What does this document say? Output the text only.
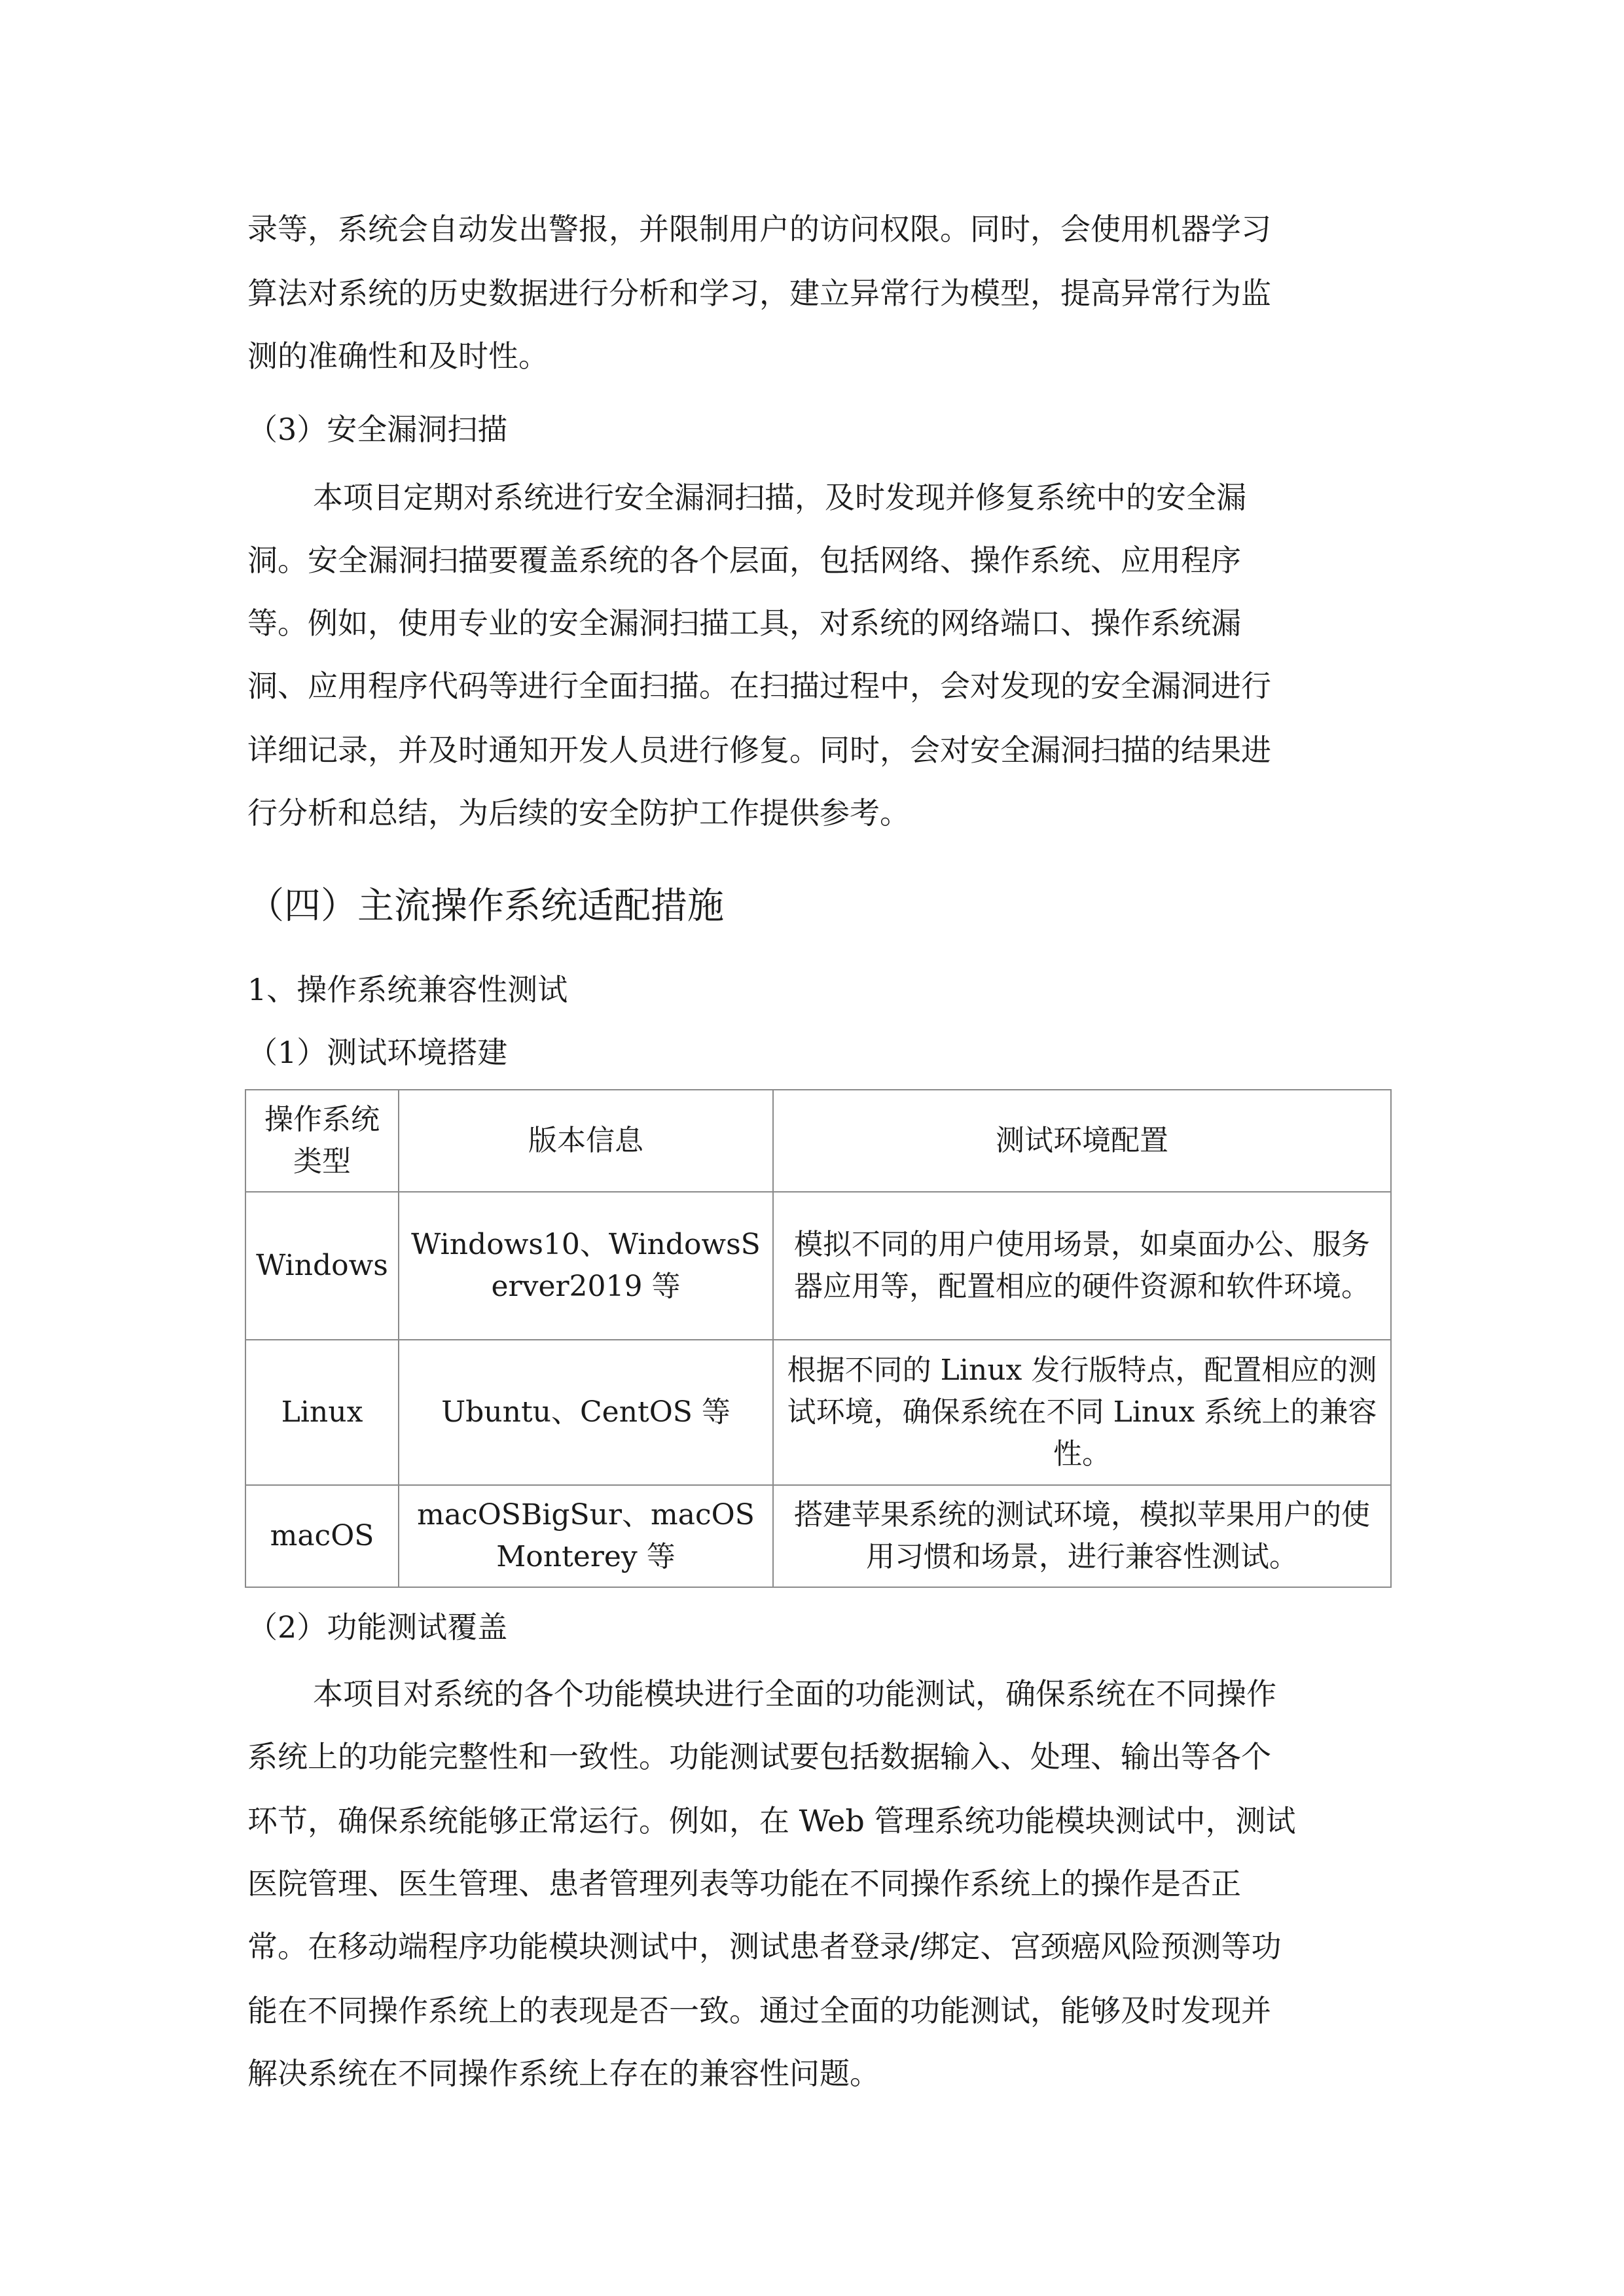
录等，系统会自动发出警报，并限制用户的访问权限。同时，会使用机器学习
算法对系统的历史数据进行分析和学习，建立异常行为模型，提高异常行为监
测的准确性和及时性。
（3）安全漏洞扫描
本项目定期对系统进行安全漏洞扫描，及时发现并修复系统中的安全漏
洞。安全漏洞扫描要覆盖系统的各个层面，包括网络、操作系统、应用程序
等。例如，使用专业的安全漏洞扫描工具，对系统的网络端口、操作系统漏
洞、应用程序代码等进行全面扫描。在扫描过程中，会对发现的安全漏洞进行
详细记录，并及时通知开发人员进行修复。同时，会对安全漏洞扫描的结果进
行分析和总结，为后续的安全防护工作提供参考。
（四）主流操作系统适配措施
1、操作系统兼容性测试
（1）测试环境搭建
操作系统类型	版本信息	测试环境配置
Windows	Windows10、WindowsServer2019 等	模拟不同的用户使用场景，如桌面办公、服务器应用等，配置相应的硬件资源和软件环境。
Linux	Ubuntu、CentOS 等	根据不同的 Linux 发行版特点，配置相应的测试环境，确保系统在不同 Linux 系统上的兼容性。
macOS	macOSBigSur、macOSMonterey 等	搭建苹果系统的测试环境，模拟苹果用户的使用习惯和场景，进行兼容性测试。
（2）功能测试覆盖
本项目对系统的各个功能模块进行全面的功能测试，确保系统在不同操作
系统上的功能完整性和一致性。功能测试要包括数据输入、处理、输出等各个
环节，确保系统能够正常运行。例如，在 Web 管理系统功能模块测试中，测试
医院管理、医生管理、患者管理列表等功能在不同操作系统上的操作是否正
常。在移动端程序功能模块测试中，测试患者登录/绑定、宫颈癌风险预测等功
能在不同操作系统上的表现是否一致。通过全面的功能测试，能够及时发现并
解决系统在不同操作系统上存在的兼容性问题。
